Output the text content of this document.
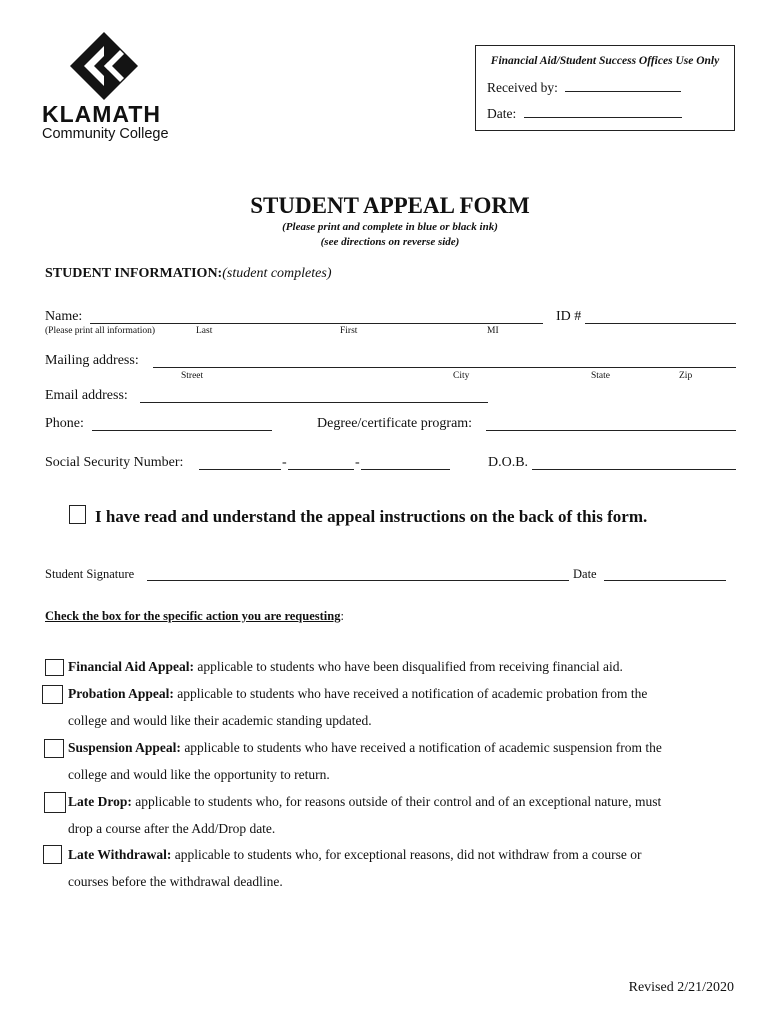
KLAMATH
Community College
Financial Aid/Student Success Offices Use Only
Received by:
Date:
STUDENT APPEAL FORM
(Please print and complete in blue or black ink)
(see directions on reverse side)
STUDENT INFORMATION:(student completes)
Name:	ID #
(Please print all information)	Last	First	MI
Mailing address:
Street	City	State	Zip
Email address:
Phone:	Degree/certificate program:
Social Security Number:	-	-	D.O.B.
I have read and understand the appeal instructions on the back of this form.
Student Signature	Date
Check the box for the specific action you are requesting:
Financial Aid Appeal: applicable to students who have been disqualified from receiving financial aid.
Probation Appeal: applicable to students who have received a notification of academic probation from the
college and would like their academic standing updated.
Suspension Appeal: applicable to students who have received a notification of academic suspension from the
college and would like the opportunity to return.
Late Drop: applicable to students who, for reasons outside of their control and of an exceptional nature, must
drop a course after the Add/Drop date.
Late Withdrawal: applicable to students who, for exceptional reasons, did not withdraw from a course or
courses before the withdrawal deadline.
Revised 2/21/2020
